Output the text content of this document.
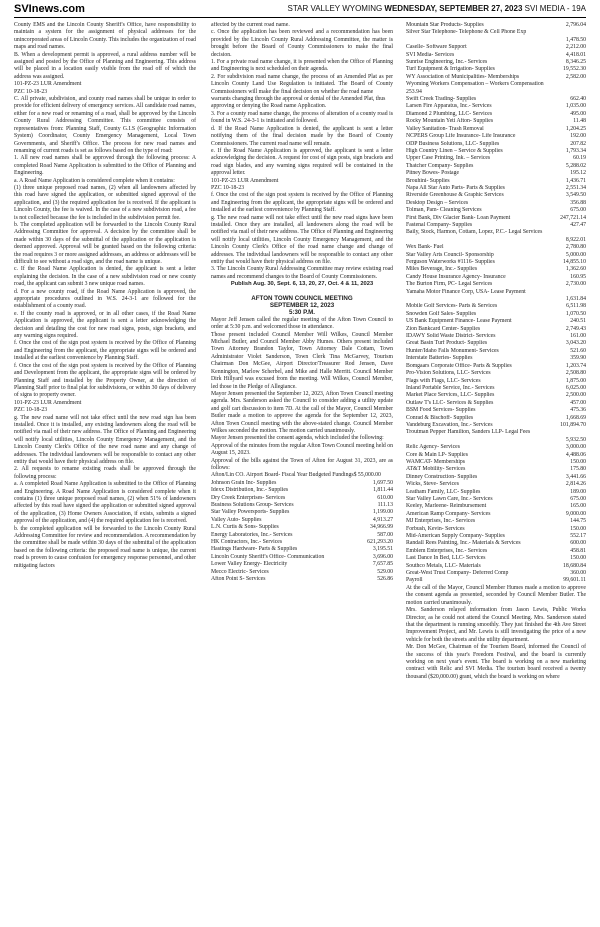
SVInews.com	STAR VALLEY WYOMING WEDNESDAY, SEPTEMBER 27, 2023 SVI MEDIA - 19A

County EMS and the Lincoln County Sheriff's Office, have responsibility to maintain a system for the assignment of physical addresses for the unincorporated areas of Lincoln County. This includes the organization of road maps and road names.

B. When a development permit is approved, a rural address number will be assigned and posted by the Office of Planning and Engineering. This address will be placed in a location easily visible from the road off of which the address was assigned.

101-PZ-23 LUR Amendment

PZC 10-18-23

C. All private, subdivision, and county road names shall be unique in order to provide for efficient delivery of emergency services. All candidate road names, either for a new road or renaming of a road, shall be approved by the Lincoln County Rural Addressing Committee. This committee consists of representatives from: Planning Staff, County G.I.S (Geographic Information System) Coordinator, County Emergency Management, Local Town Governments, and Sheriff's Office. The process for new road names and renaming of current roads is set as follows based on the type of road:

1. All new road names shall be approved through the following process: A completed Road Name Application is submitted to the Office of Planning and Engineering.

a. A Road Name Application is considered complete when it contains:

(1) three unique proposed road names, (2) when all landowners affected by this road have signed the application, or submitted signed approval of the application, and (3) the required application fee is received. If the applicant is Lincoln County, the fee is waived. In the case of a new subdivision road, a fee is not collected because the fee is included in the subdivision permit fee.

b. The completed application will be forwarded to the Lincoln County Rural Addressing Committee for approval. A decision by the committee shall be made within 30 days of the submittal of the application or the application is deemed approved. Approval will be granted based on the following criteria: the road requires 3 or more assigned addresses, an address or addresses will be difficult to see without a road sign, and the road name is unique.

c. If the Road Name Application is denied, the applicant is sent a letter explaining the decision. In the case of a new subdivision road or new county road, the applicant can submit 3 new unique road names.

d. For a new county road, if the Road Name Application is approved, the appropriate procedures outlined in W.S. 24-3-1 are followed for the establishment of a county road.

e. If the county road is approved, or in all other cases, if the Road Name Application is approved, the applicant is sent a letter acknowledging the decision and detailing the cost for new road signs, posts, sign brackets, and any warning signs required.

f. Once the cost of the sign post system is received by the Office of Planning and Engineering from the applicant, the appropriate signs will be ordered and installed at the earliest convenience by Planning Staff.

f. Once the cost of the sign post system is received by the Office of Planning and Development from the applicant, the appropriate signs will be ordered by Planning Staff and installed by the Property Owner, at the direction of Planning Staff prior to final plat for subdivisions, or within 30 days of delivery of signs to property owner.

101-PZ-23 LUR Amendment

PZC 10-18-23

g. The new road name will not take effect until the new road sign has been installed. Once it is installed, any existing landowners along the road will be notified via mail of their new address. The Office of Planning and Engineering will notify local utilities, Lincoln County Emergency Management, and the Lincoln County Clerk's Office of the new road name and any change of addresses. The individual landowners will be responsible to contact any other entity that would have their physical address on file.

2. All requests to rename existing roads shall be approved through the following process:

a. A completed Road Name Application is submitted to the Office of Planning and Engineering. A Road Name Application is considered complete when it contains (1) three unique proposed road names, (2) when 51% of landowners affected by this road have signed the application or submitted signed approval of the application, (3) Home Owners Association, if exists, submits a signed approval of the application, and (4) the required application fee is received.

b. the completed application will be forwarded to the Lincoln County Rural Addressing Committee for review and recommendation. A recommendation by the committee shall be made within 30 days of the submittal of the application based on the following criteria: the proposed road name is unique, the current road is proven to cause confusion for emergency response personnel, and other mitigating factors

affected by the current road name.

c. Once the application has been reviewed and a recommendation has been provided by the Lincoln County Rural Addressing Committee, the matter is brought before the Board of County Commissioners to make the final decision.

1. For a private road name change, it is presented when the Office of Planning and Engineering is next scheduled on their agenda.

2. For subdivision road name change, the process of an Amended Plat as per Lincoln County Land Use Regulation is initiated. The Board of County Commissioners will make the final decision on whether the road name

warrants changing through the approval or denial of the Amended Plat, thus

approving or denying the Road name Application.

3. For a county road name change, the process of alteration of a county road is found in W.S. 24-3-1 is initiated and followed.

d. If the Road Name Application is denied, the applicant is sent a letter notifying them of the final decision made by the Board of County Commissioners. The current road name will remain.

e. If the Road Name Application is approved, the applicant is sent a letter acknowledging the decision. A request for cost of sign posts, sign brackets and road sign blades, and any warning signs required will be contained in the approval letter.

101-PZ-23 LUR Amendment

PZC 10-18-23

f. Once the cost of the sign post system is received by the Office of Planning and Engineering from the applicant, the appropriate signs will be ordered and installed at the earliest convenience by Planning Staff.

g. The new road name will not take effect until the new road signs have been installed. Once they are installed, all landowners along the road will be notified via mail of their new address. The Office of Planning and Engineering will notify local utilities, Lincoln County Emergency Management, and the Lincoln County Clerk's Office of the road name change and change of addresses. The individual landowners will be responsible to contact any other entity that would have their physical address on file.

3. The Lincoln County Rural Addressing Committee may review existing road names and recommend changes to the Board of County Commissioners.

Publish Aug. 30, Sept. 6, 13, 20, 27, Oct. 4 & 11, 2023

AFTON TOWN COUNCIL MEETING

SEPTEMBER 12, 2023

5:30 P.M.

Mayor Jeff Jensen called the regular meeting of the Afton Town Council to order at 5:30 p.m. and welcomed those in attendance.

Those present included Council Member Will Wilkes, Council Member Michael Butler, and Council Member Abby Humes. Others present included Town Attorney Brandon Taylor, Town Attorney Dale Cottam, Town Administrator Violet Sanderson, Town Clerk Tina McGarvey, Tourism Chairman Don McGee, Airport Director/Treasurer Rod Jensen, Dave Kennington, Marlow Scherbel, and Mike and Halle Merritt. Council Member Dirk Hillyard was excused from the meeting. Will Wilkes, Council Member, led those in the Pledge of Allegiance.

Mayor Jensen presented the September 12, 2023, Afton Town Council meeting agenda. Mrs. Sanderson asked the Council to consider adding a utility update and golf cart discussion to item 7D. At the call of the Mayor, Council Member Butler made a motion to approve the agenda for the September 12, 2023, Afton Town Council meeting with the above-stated change. Council Member Wilkes seconded the motion. The motion carried unanimously.

Mayor Jensen presented the consent agenda, which included the following:

Approval of the minutes from the regular Afton Town Council meeting held on August 15, 2023.

Approval of the bills against the Town of Afton for August 31, 2023, are as follows:

Afton/Lin CO. Airport Board- Fiscal Year Budgeted Fundings$ 55,000.00

Johnson Grain Inc- Supplies	1,697.50
Idexx Distribution, Inc.- Supplies	1,811.44
Dry Creek Enterprises- Services	610.00
Business Solutions Group- Services	111.13
Star Valley Powersports- Supplies	1,199.00
Valley Auto- Supplies	4,913.27
L.N. Curtis & Sons- Supplies	34,966.99
Energy Laboratories, Inc.- Services	587.00
HK Contractors, Inc.- Services	621,293.20
Hastings Hardware- Parts & Supplies	3,195.51
Lincoln County Sheriff's Office- Communication	3,696.00
Lower Valley Energy- Electricity	7,657.85
Mecco Electric- Services	529.00
Afton Point S- Services	526.86
Mountain Star Products- Supplies	2,796.04
Silver Star Telephone- Telephone & Cell Phone Exp
1,478.50
Caselle- Software Support	2,212.00
SVI Media- Services	4,418.01
Sunrise Engineering, Inc.- Services	8,346.25
Turf Equipment & Irrigation- Supplies	19,552.30
WY Association of Municipalities- Memberships	2,582.00
Wyoming Workers Compensation – Workers Compensation
253.94
Swift Creek Trading- Supplies	662.40
Larsen Fire Apparatus, Inc.- Services	1,035.00
Diamond 2 Plumbing, LLC- Services	495.00
Rocky Mountain Yeti Afton- Supplies	11.48
Valley Sanitation- Trash Removal	1,204.25
NCPERS Group Life Insurance- Life Insurance	192.00
ODP Business Solutions, LLC- Supplies	207.82
High Country Linen – Service & Supplies	1,793.34
Upper Case Printing, Ink. – Services	60.19
Thatcher Company- Supplies	5,288.02
Pitney Bowes- Postage	195.12
Brouhini- Supplies	1,436.71
Napa All Star Auto Parts- Parts & Supplies	2,551.34
Riverside Greenhouse & Graphic Services	3,549.50
Desktop Design – Services	356.88
Tolman, Pam- Cleaning Services	675.00
First Bank, Div Glacier Bank- Loan Payment	247,721.14
Fastenal Company- Supplies	427.47
Baily, Stock, Harmon, Cottam, Lopez, P.C.- Legal Services
8,922.01
Wex Bank- Fuel	2,780.80
Star Valley Arts Council- Sponsorship	5,000.00
Ferguson Waterworks #1116- Supplies	14,855.10
Miles Beverage, Inc.- Supplies	1,362.60
Candy House Insurance Agency- Insurance	160.95
The Burton Firm, PC- Legal Services	2,730.00
Yamaha Motor Finance Corp, USA- Lease Payment
1,631.84
Mobile Golf Services- Parts & Services	6,511.98
Snowden Golf Sales- Supplies	1,070.50
US Bank Equipment Finance- Lease Payment	240.51
Zion Bankcard Center- Supplies	2,749.43
IDAWY Solid Waste District- Services	161.00
Great Basin Turf Product- Supplies	3,043.20
Hunter/Idaho Falls Monument- Services	521.60
Interstate Batteries- Supplies	359.90
Bomgaars Corporate Office- Parts & Supplies	1,203.74
Pro-Vision Solutions, LLC- Services	2,508.80
Flags with Flags, LLC- Services	1,875.00
Inland Portable Service, Inc.- Services	6,025.00
Market Place Services, LLC- Supplies	2,500.00
Outlaw T's LLC- Services & Supplies	457.00
BSM Food Services- Supplies	475.36
Conrad & Bischoff- Supplies	1,668.69
Vandeburg Excavation, Inc.- Services	101,894.70
Troutman Pepper Hamilton, Sanders LLP- Legal Fees
5,932.50
Relic Agency- Services	3,000.00
Core & Main LP- Supplies	4,488.06
WAMCAT- Memberships	150.00
AT&T Mobility- Services	175.80
Dinney Construction- Supplies	3,441.66
Wicks, Steve- Services	2,814.26
Leatham Family, LLC- Supplies	189.00
Star Valley Lawn Care, Inc.- Services	675.00
Keeley, Marleene- Reimbursement	165.00
American Ramp Company- Services	9,000.00
MJ Enterprises, Inc.- Services	144.75
Forbush, Kevin- Services	150.00
Mid-American Supply Company- Supplies	552.17
Randall Rees Painting, Inc.- Materials & Services	600.00
Emblem Enterprises, Inc.- Services	458.81
Last Dance In Bed, LLC- Services	150.00
Southco Metals, LLC- Materials	18,680.84
Great-West Trust Company- Deferred Comp	360.00
Payroll	99,601.11

At the call of the Mayor, Council Member Humes made a motion to approve the consent agenda as presented, seconded by Council Member Butler. The motion carried unanimously.

Mrs. Sanderson relayed information from Jason Lewis, Public Works Director, as he could not attend the Council Meeting. Mrs. Sanderson stated that the department is running smoothly. They just finished the 4th Ave Street Improvement Project, and Mr. Lewis is still investigating the price of a new vehicle for both the streets and the utility department.

Mr. Don McGee, Chairman of the Tourism Board, informed the Council of the success of this year's Freedom Festival, and the board is currently working on next year's event. The board is working on a new marketing contract with Relic and SVI Media. The tourism board received a twenty thousand ($20,000.00) grant, which the board is working on where
